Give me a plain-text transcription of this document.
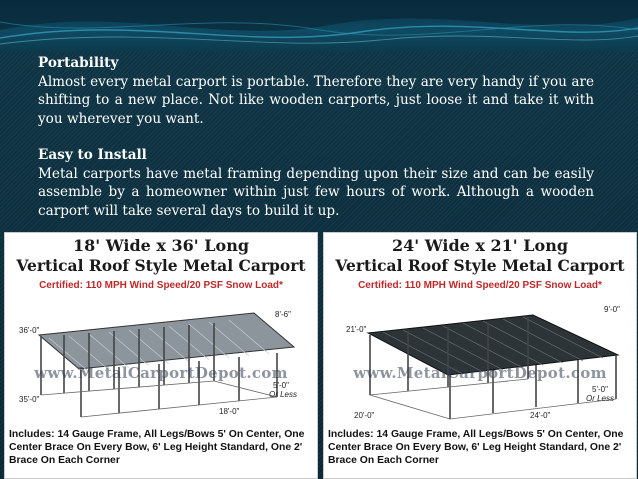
Portability
Almost every metal carport is portable. Therefore they are very handy if you are shifting to a new place. Not like wooden carports, just loose it and take it with you wherever you want.
Easy to Install
Metal carports have metal framing depending upon their size and can be easily assemble by a homeowner within just few hours of work. Although a wooden carport will take several days to build it up.
18' Wide x 36' Long
Vertical Roof Style Metal Carport
Certified: 110 MPH Wind Speed/20 PSF Snow Load*
www.MetalCarportDepot.com
36'-0"
8'-6"
35'-0"
5'-0"
Or Less
18'-0"
Includes: 14 Gauge Frame, All Legs/Bows 5' On Center, One Center Brace On Every Bow, 6' Leg Height Standard, One 2' Brace On Each Corner
24' Wide x 21' Long
Vertical Roof Style Metal Carport
Certified: 110 MPH Wind Speed/20 PSF Snow Load*
www.MetalCarportDepot.com
21'-0"
9'-0"
20'-0"
5'-0"
Or Less
24'-0"
Includes: 14 Gauge Frame, All Legs/Bows 5' On Center, One Center Brace On Every Bow, 6' Leg Height Standard, One 2' Brace On Each Corner
